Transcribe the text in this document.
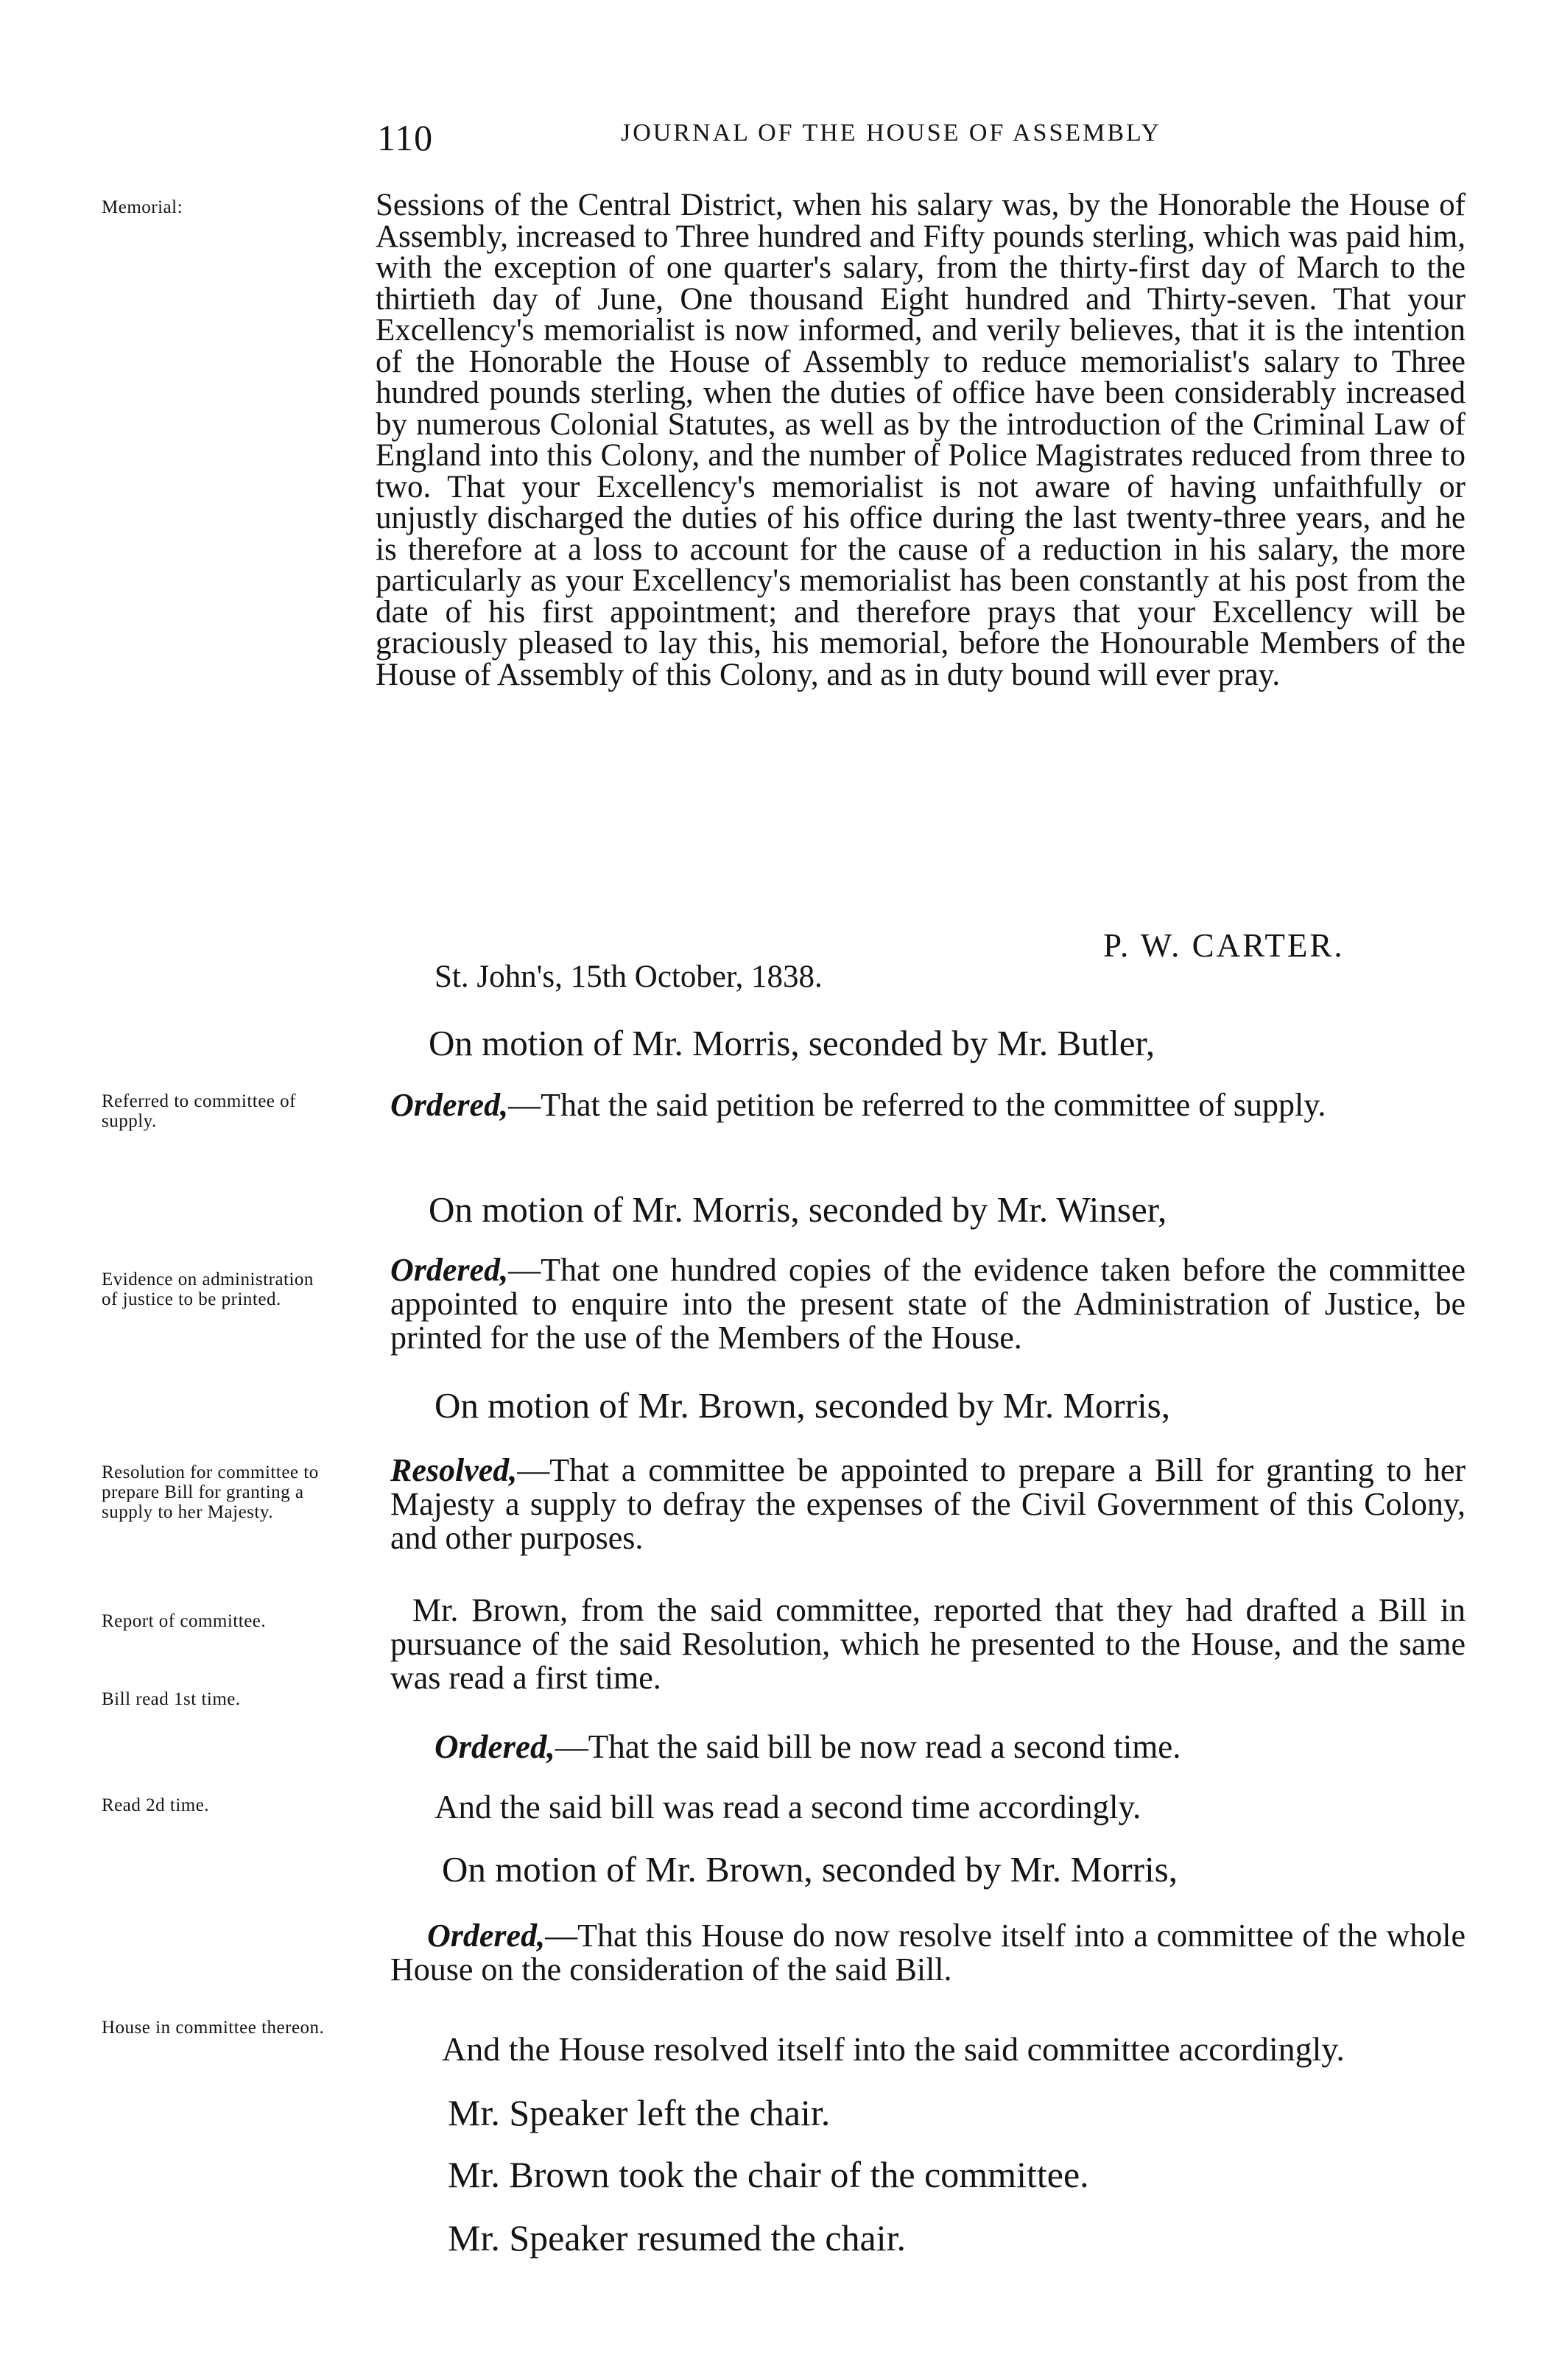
110	JOURNAL OF THE HOUSE OF ASSEMBLY
Memorial:
Referred to committee of supply.
Evidence on administration of justice to be printed.
Resolution for committee to prepare Bill for granting a supply to her Majesty.
Report of committee.
Bill read 1st time.
Read 2d time.
House in committee thereon.
Sessions of the Central District, when his salary was, by the Honorable the House of Assembly, increased to Three hundred and Fifty pounds sterling, which was paid him, with the exception of one quarter's salary, from the thirty-first day of March to the thirtieth day of June, One thousand Eight hundred and Thirty-seven. That your Excellency's memorialist is now informed, and verily believes, that it is the intention of the Honorable the House of Assembly to reduce memorialist's salary to Three hundred pounds sterling, when the duties of office have been considerably increased by numerous Colonial Statutes, as well as by the introduction of the Criminal Law of England into this Colony, and the number of Police Magistrates reduced from three to two. That your Excellency's memorialist is not aware of having unfaithfully or unjustly discharged the duties of his office during the last twenty-three years, and he is therefore at a loss to account for the cause of a reduction in his salary, the more particularly as your Excellency's memorialist has been constantly at his post from the date of his first appointment; and therefore prays that your Excellency will be graciously pleased to lay this, his memorial, before the Honourable Members of the House of Assembly of this Colony, and as in duty bound will ever pray.
P. W. CARTER.
St. John's, 15th October, 1838.
On motion of Mr. Morris, seconded by Mr. Butler,
Ordered,—That the said petition be referred to the committee of supply.
On motion of Mr. Morris, seconded by Mr. Winser,
Ordered,—That one hundred copies of the evidence taken before the committee appointed to enquire into the present state of the Administration of Justice, be printed for the use of the Members of the House.
On motion of Mr. Brown, seconded by Mr. Morris,
Resolved,—That a committee be appointed to prepare a Bill for granting to her Majesty a supply to defray the expenses of the Civil Government of this Colony, and other purposes.
Mr. Brown, from the said committee, reported that they had drafted a Bill in pursuance of the said Resolution, which he presented to the House, and the same was read a first time.
Ordered,—That the said bill be now read a second time.
And the said bill was read a second time accordingly.
On motion of Mr. Brown, seconded by Mr. Morris,
Ordered,—That this House do now resolve itself into a committee of the whole House on the consideration of the said Bill.
And the House resolved itself into the said committee accordingly.
Mr. Speaker left the chair.
Mr. Brown took the chair of the committee.
Mr. Speaker resumed the chair.
